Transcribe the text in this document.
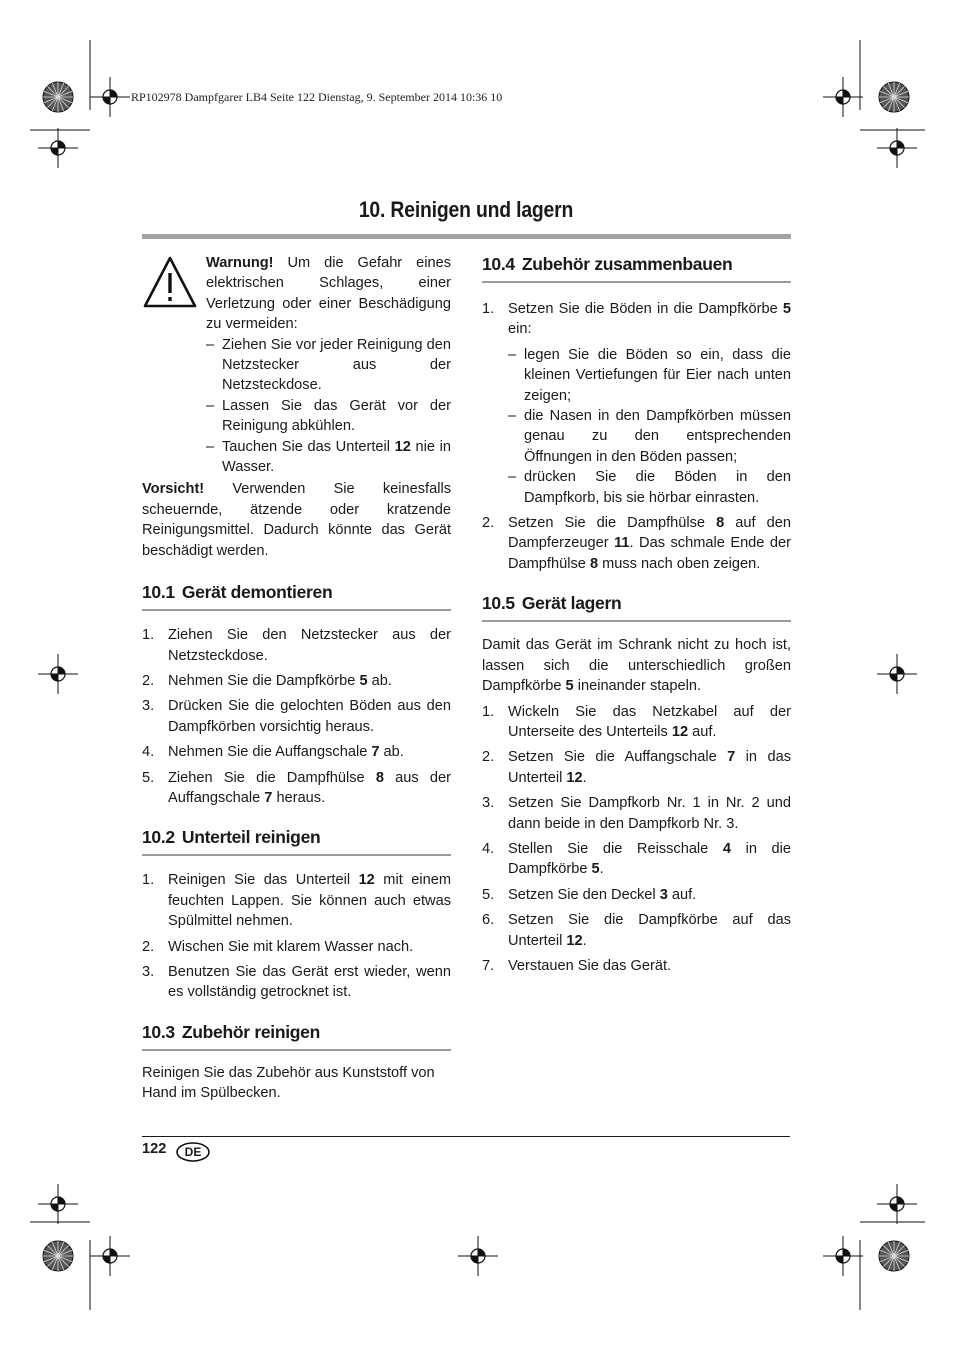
RP102978 Dampfgarer LB4 Seite 122 Dienstag, 9. September 2014 10:36 10
10. Reinigen und lagern

Warnung! Um die Gefahr eines elektrischen Schlages, einer Verletzung oder einer Beschädigung zu vermeiden:

– Ziehen Sie vor jeder Reinigung den Netzstecker aus der Netzsteckdose.
– Lassen Sie das Gerät vor der Reinigung abkühlen.
– Tauchen Sie das Unterteil 12 nie in Wasser.

Vorsicht! Verwenden Sie keinesfalls scheuernde, ätzende oder kratzende Reinigungsmittel. Dadurch könnte das Gerät beschädigt werden.

10.1 Gerät demontieren
1. Ziehen Sie den Netzstecker aus der Netzsteckdose.
2. Nehmen Sie die Dampfkörbe 5 ab.
3. Drücken Sie die gelochten Böden aus den Dampfkörben vorsichtig heraus.
4. Nehmen Sie die Auffangschale 7 ab.
5. Ziehen Sie die Dampfhülse 8 aus der Auffangschale 7 heraus.
10.2 Unterteil reinigen
1. Reinigen Sie das Unterteil 12 mit einem feuchten Lappen. Sie können auch etwas Spülmittel nehmen.
2. Wischen Sie mit klarem Wasser nach.
3. Benutzen Sie das Gerät erst wieder, wenn es vollständig getrocknet ist.
10.3 Zubehör reinigen

Reinigen Sie das Zubehör aus Kunststoff von Hand im Spülbecken.

10.4 Zubehör zusammenbauen
1. Setzen Sie die Böden in die Dampfkörbe 5 ein:
– legen Sie die Böden so ein, dass die kleinen Vertiefungen für Eier nach unten zeigen;
– die Nasen in den Dampfkörben müssen genau zu den entsprechenden Öffnungen in den Böden passen;
– drücken Sie die Böden in den Dampfkorb, bis sie hörbar einrasten.
2. Setzen Sie die Dampfhülse 8 auf den Dampferzeuger 11. Das schmale Ende der Dampfhülse 8 muss nach oben zeigen.
10.5 Gerät lagern

Damit das Gerät im Schrank nicht zu hoch ist, lassen sich die unterschiedlich großen Dampfkörbe 5 ineinander stapeln.

1. Wickeln Sie das Netzkabel auf der Unterseite des Unterteils 12 auf.
2. Setzen Sie die Auffangschale 7 in das Unterteil 12.
3. Setzen Sie Dampfkorb Nr. 1 in Nr. 2 und dann beide in den Dampfkorb Nr. 3.
4. Stellen Sie die Reisschale 4 in die Dampfkörbe 5.
5. Setzen Sie den Deckel 3 auf.
6. Setzen Sie die Dampfkörbe auf das Unterteil 12.
7. Verstauen Sie das Gerät.
122	DE
